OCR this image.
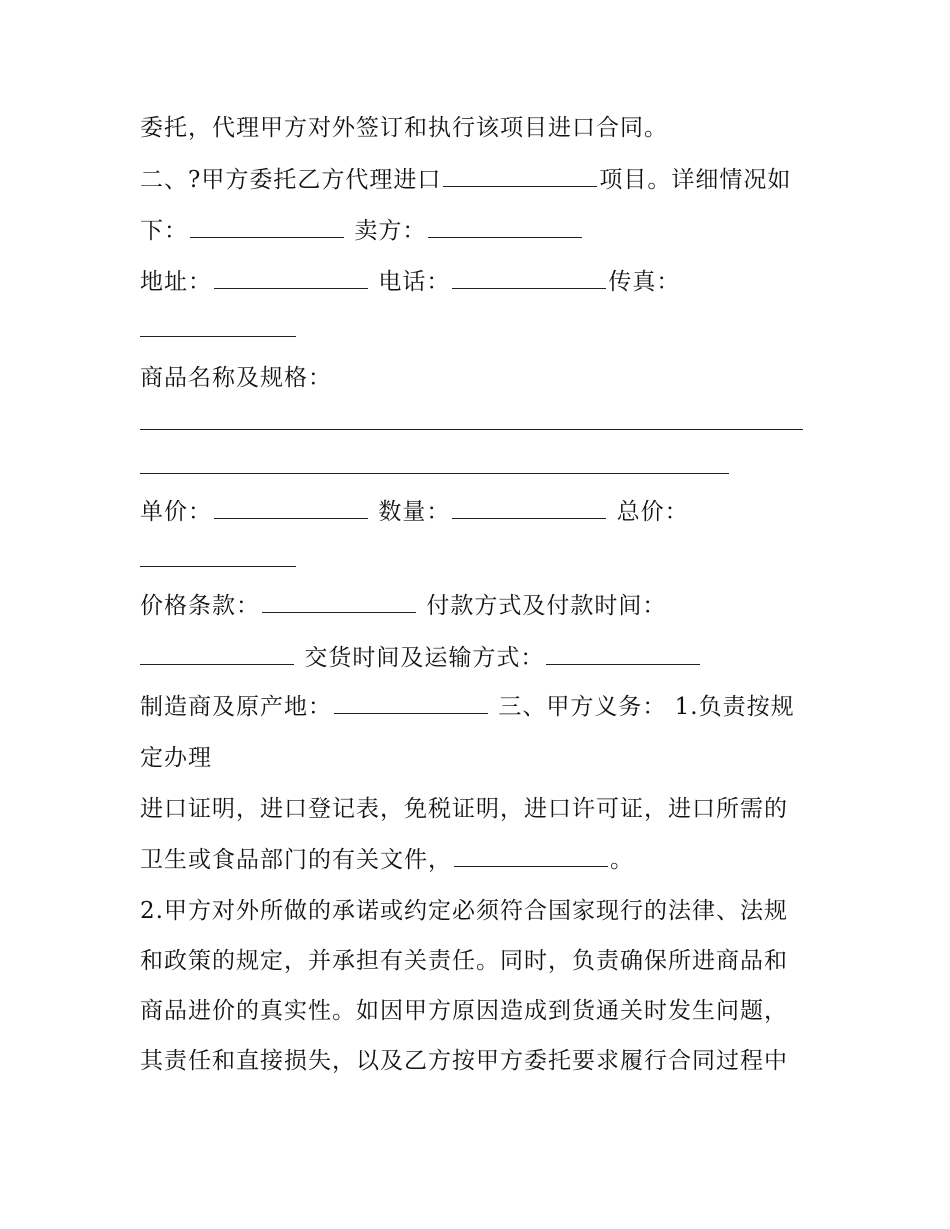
委托，代理甲方对外签订和执行该项目进口合同。
二、?甲方委托乙方代理进口	项目。详细情况如
下：	卖方：
地址：	电话：	传真：
商品名称及规格：
单价：	数量：	总价：
价格条款：	付款方式及付款时间：
交货时间及运输方式：
制造商及原产地：	三、甲方义务： 1.负责按规
定办理
进口证明，进口登记表，免税证明，进口许可证，进口所需的
卫生或食品部门的有关文件，	。
2.甲方对外所做的承诺或约定必须符合国家现行的法律、法规
和政策的规定，并承担有关责任。同时，负责确保所进商品和
商品进价的真实性。如因甲方原因造成到货通关时发生问题，
其责任和直接损失，以及乙方按甲方委托要求履行合同过程中
